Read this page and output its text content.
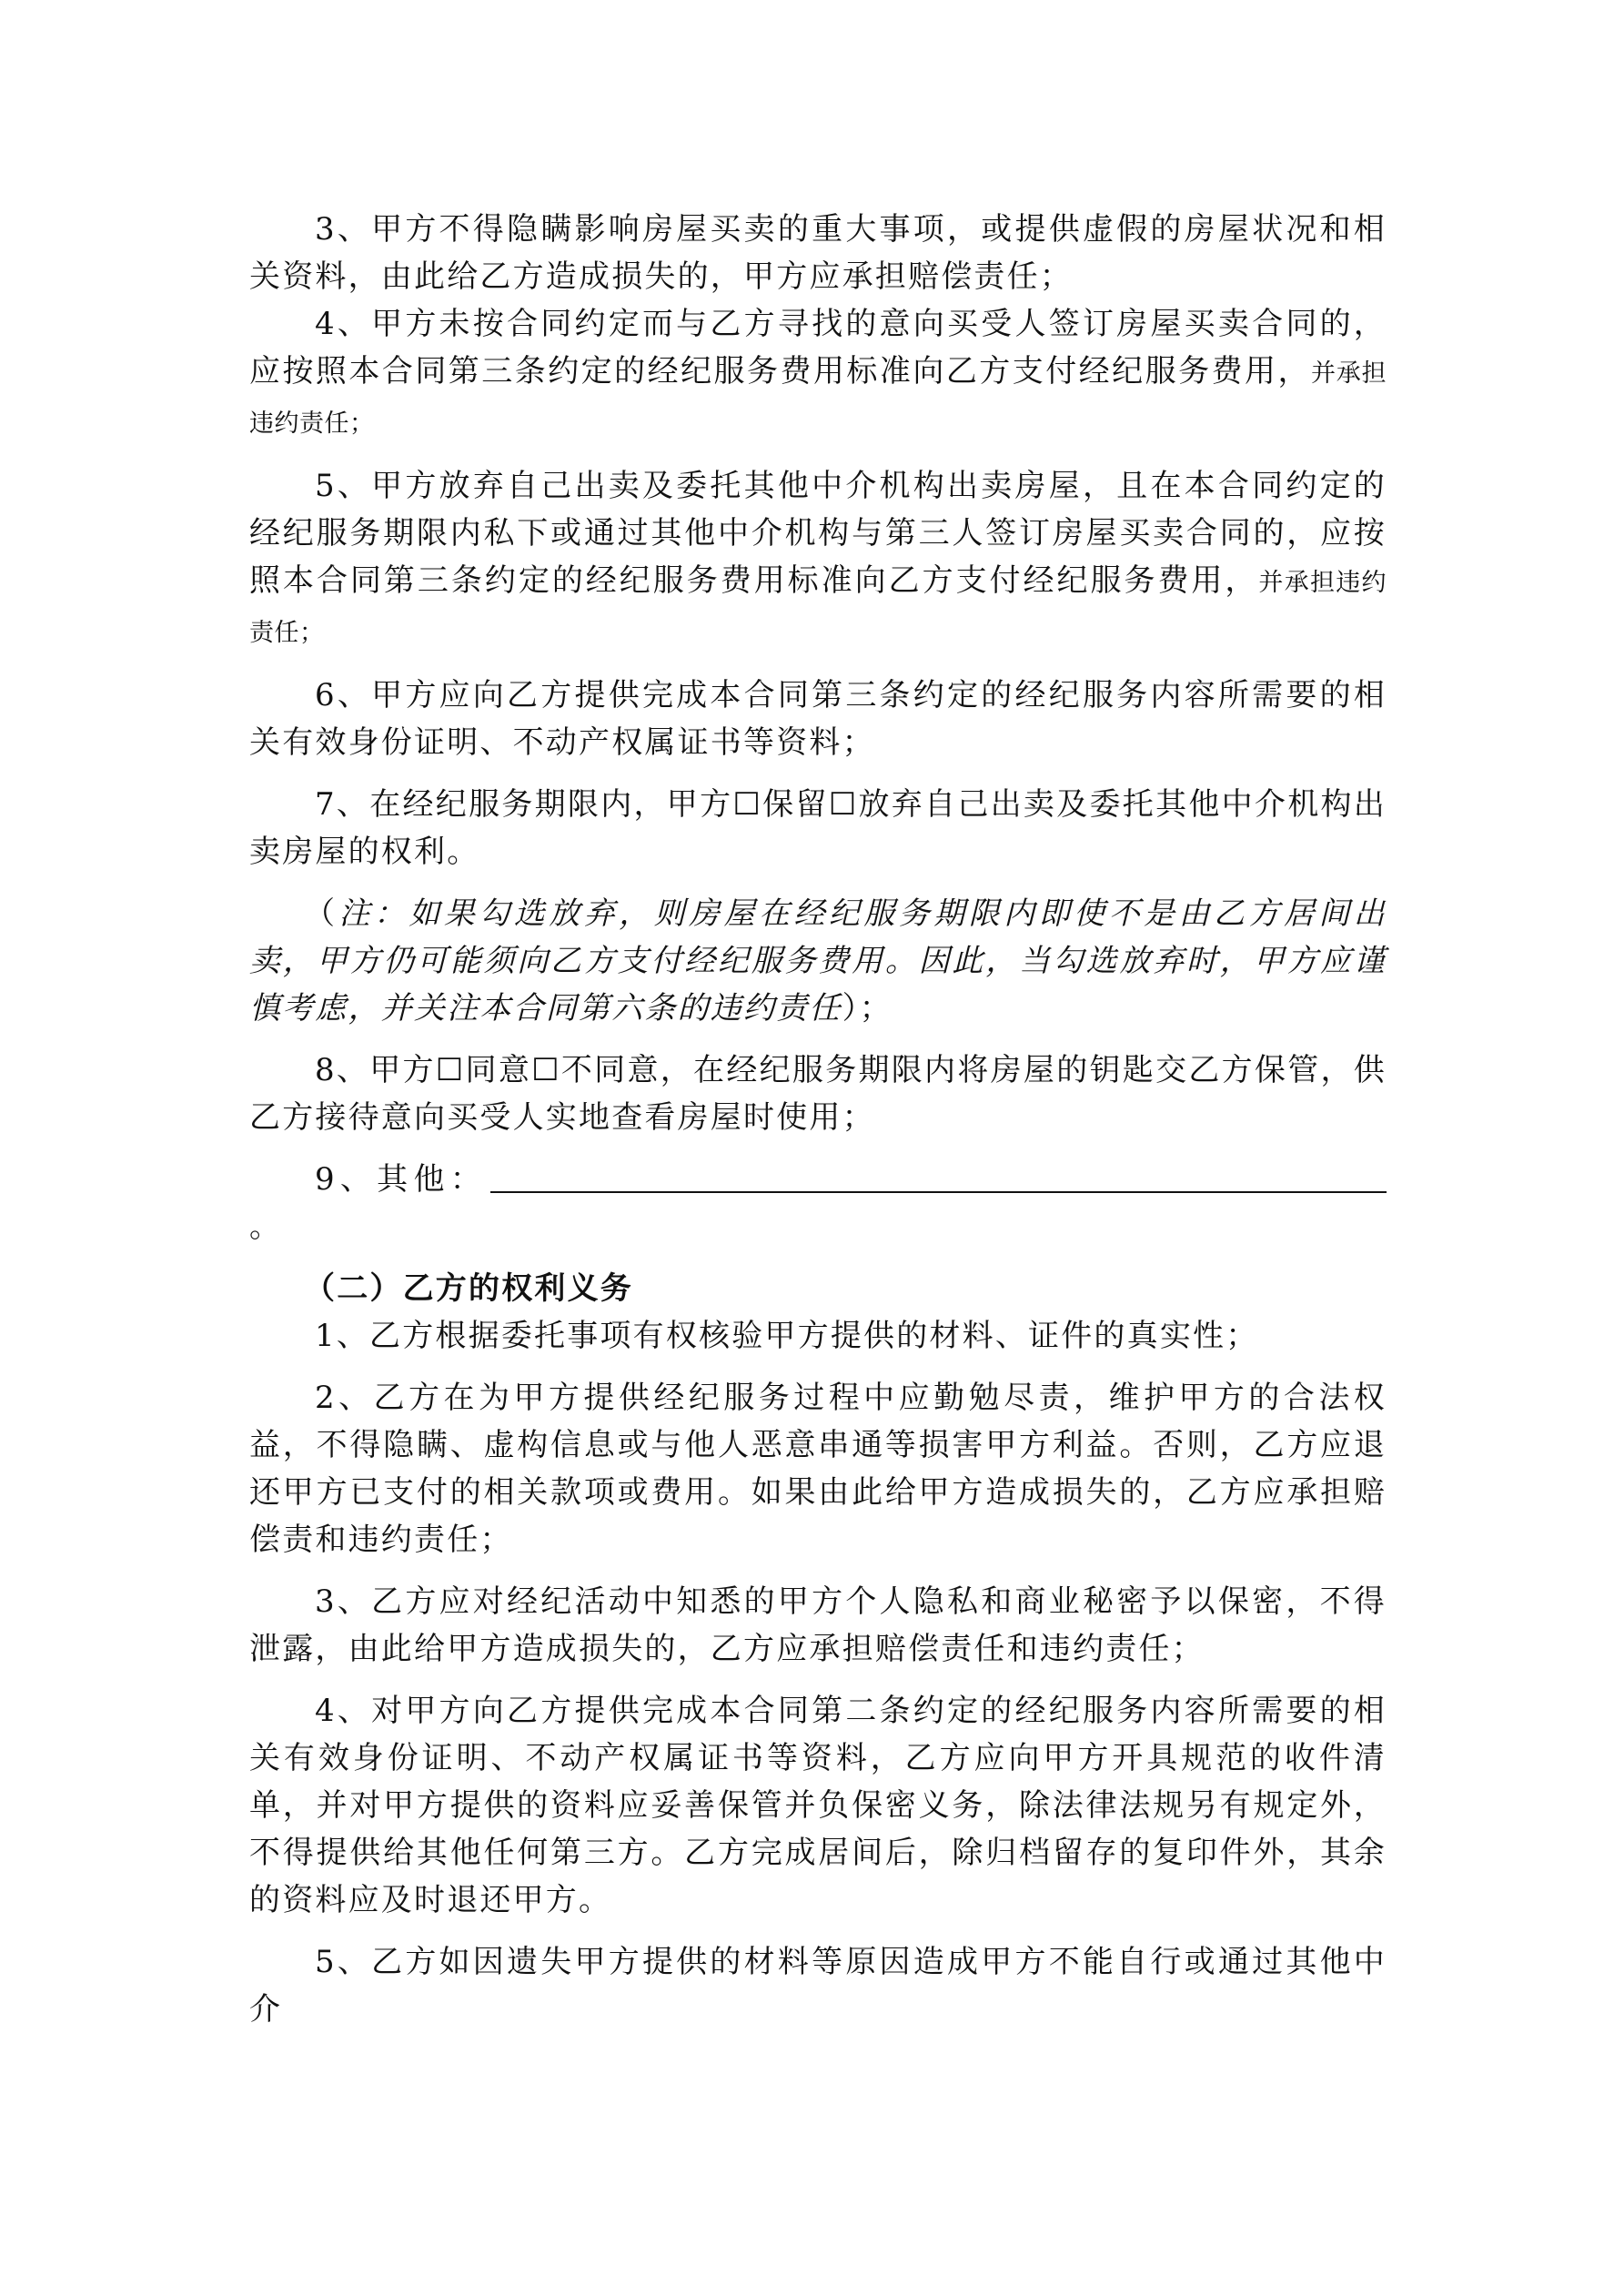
3、甲方不得隐瞒影响房屋买卖的重大事项，或提供虚假的房屋状况和相关资料，由此给乙方造成损失的，甲方应承担赔偿责任；

4、甲方未按合同约定而与乙方寻找的意向买受人签订房屋买卖合同的，应按照本合同第三条约定的经纪服务费用标准向乙方支付经纪服务费用，并承担违约责任；

5、甲方放弃自己出卖及委托其他中介机构出卖房屋，且在本合同约定的经纪服务期限内私下或通过其他中介机构与第三人签订房屋买卖合同的，应按照本合同第三条约定的经纪服务费用标准向乙方支付经纪服务费用，并承担违约责任；

6、甲方应向乙方提供完成本合同第三条约定的经纪服务内容所需要的相关有效身份证明、不动产权属证书等资料；

7、在经纪服务期限内，甲方☐保留☐放弃自己出卖及委托其他中介机构出卖房屋的权利。

（注：如果勾选放弃，则房屋在经纪服务期限内即使不是由乙方居间出卖，甲方仍可能须向乙方支付经纪服务费用。因此，当勾选放弃时，甲方应谨慎考虑，并关注本合同第六条的违约责任）；

8、甲方☐同意☐不同意，在经纪服务期限内将房屋的钥匙交乙方保管，供乙方接待意向买受人实地查看房屋时使用；

9、其他：。

（二）乙方的权利义务

1、乙方根据委托事项有权核验甲方提供的材料、证件的真实性；

2、乙方在为甲方提供经纪服务过程中应勤勉尽责，维护甲方的合法权益，不得隐瞒、虚构信息或与他人恶意串通等损害甲方利益。否则，乙方应退还甲方已支付的相关款项或费用。如果由此给甲方造成损失的，乙方应承担赔偿责和违约责任；

3、乙方应对经纪活动中知悉的甲方个人隐私和商业秘密予以保密，不得泄露，由此给甲方造成损失的，乙方应承担赔偿责任和违约责任；

4、对甲方向乙方提供完成本合同第二条约定的经纪服务内容所需要的相关有效身份证明、不动产权属证书等资料，乙方应向甲方开具规范的收件清单，并对甲方提供的资料应妥善保管并负保密义务，除法律法规另有规定外，不得提供给其他任何第三方。乙方完成居间后，除归档留存的复印件外，其余的资料应及时退还甲方。

5、乙方如因遗失甲方提供的材料等原因造成甲方不能自行或通过其他中介
